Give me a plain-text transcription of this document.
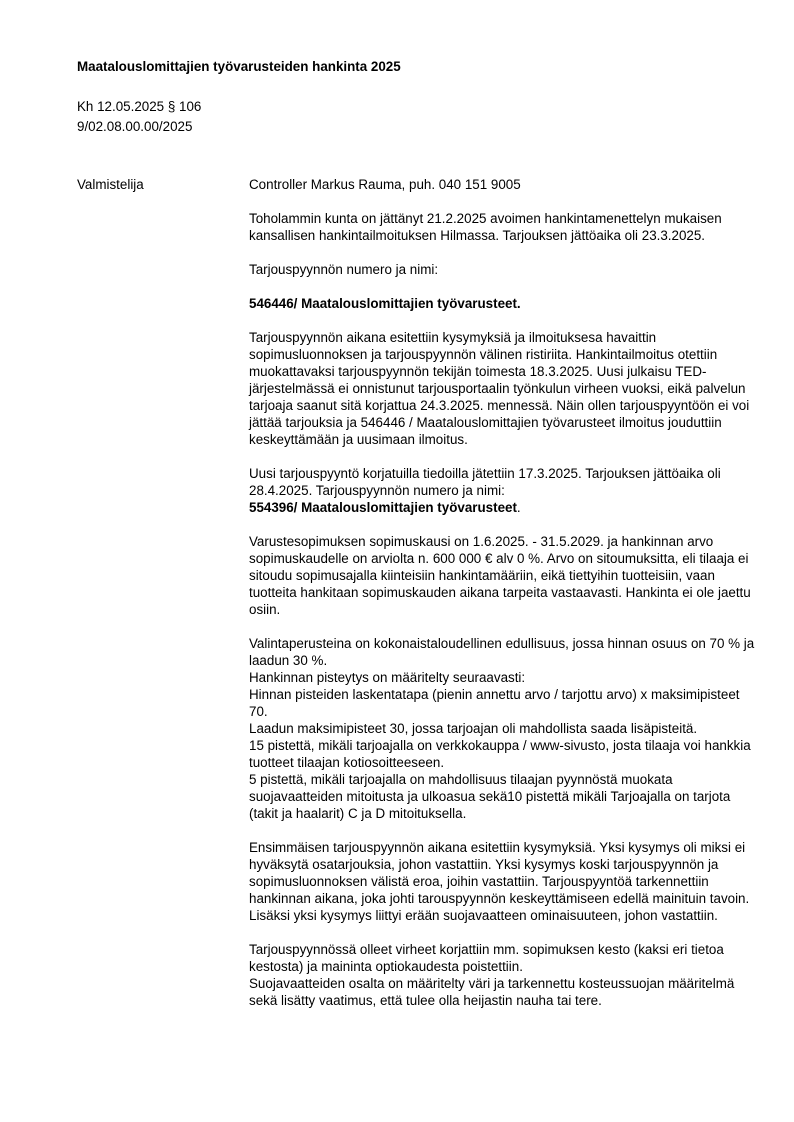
Maatalouslomittajien työvarusteiden hankinta 2025
Kh 12.05.2025 § 106
9/02.08.00.00/2025
Valmistelija	Controller Markus Rauma, puh. 040 151 9005

Toholammin kunta on jättänyt 21.2.2025 avoimen hankintamenettelyn mukaisen kansallisen hankintailmoituksen Hilmassa. Tarjouksen jättöaika oli 23.3.2025.

Tarjouspyynnön numero ja nimi:

546446/ Maatalouslomittajien työvarusteet.

Tarjouspyynnön aikana esitettiin kysymyksiä ja ilmoituksesa havaittin sopimusluonnoksen ja tarjouspyynnön välinen ristiriita. Hankintailmoitus otettiin muokattavaksi tarjouspyynnön tekijän toimesta 18.3.2025. Uusi julkaisu TED-järjestelmässä ei onnistunut tarjousportaalin työnkulun virheen vuoksi, eikä palvelun tarjoaja saanut sitä korjattua 24.3.2025. mennessä. Näin ollen tarjouspyyntöön ei voi jättää tarjouksia ja 546446 / Maatalouslomittajien työvarusteet ilmoitus jouduttiin keskeyttämään ja uusimaan ilmoitus.

Uusi tarjouspyyntö korjatuilla tiedoilla jätettiin 17.3.2025. Tarjouksen jättöaika oli 28.4.2025. Tarjouspyynnön numero ja nimi:

554396/ Maatalouslomittajien työvarusteet.

Varustesopimuksen sopimuskausi on 1.6.2025. - 31.5.2029. ja hankinnan arvo sopimuskaudelle on arviolta n. 600 000 € alv 0 %. Arvo on sitoumuksitta, eli tilaaja ei sitoudu sopimusajalla kiinteisiin hankintamääriin, eikä tiettyihin tuotteisiin, vaan tuotteita hankitaan sopimuskauden aikana tarpeita vastaavasti. Hankinta ei ole jaettu osiin.

Valintaperusteina on kokonaistaloudellinen edullisuus, jossa hinnan osuus on 70 % ja laadun 30 %.
Hankinnan pisteytys on määritelty seuraavasti:
Hinnan pisteiden laskentatapa (pienin annettu arvo / tarjottu arvo) x maksimipisteet 70.
Laadun maksimipisteet 30, jossa tarjoajan oli mahdollista saada lisäpisteitä.
15 pistettä, mikäli tarjoajalla on verkkokauppa / www-sivusto, josta tilaaja voi hankkia tuotteet tilaajan kotiosoitteeseen.
5 pistettä, mikäli tarjoajalla on mahdollisuus tilaajan pyynnöstä muokata suojavaatteiden mitoitusta ja ulkoasua sekä10 pistettä mikäli Tarjoajalla on tarjota (takit ja haalarit) C ja D mitoituksella.

Ensimmäisen tarjouspyynnön aikana esitettiin kysymyksiä. Yksi kysymys oli miksi ei hyväksytä osatarjouksia, johon vastattiin. Yksi kysymys koski tarjouspyynnön ja sopimusluonnoksen välistä eroa, joihin vastattiin. Tarjouspyyntöä tarkennettiin hankinnan aikana, joka johti tarouspyynnön keskeyttämiseen edellä mainituin tavoin. Lisäksi yksi kysymys liittyi erään suojavaatteen ominaisuuteen, johon vastattiin.

Tarjouspyynnössä olleet virheet korjattiin mm. sopimuksen kesto (kaksi eri tietoa kestosta) ja maininta optiokaudesta poistettiin.
Suojavaatteiden osalta on määritelty väri ja tarkennettu kosteussuojan määritelmä sekä lisätty vaatimus, että tulee olla heijastin nauha tai tere.
